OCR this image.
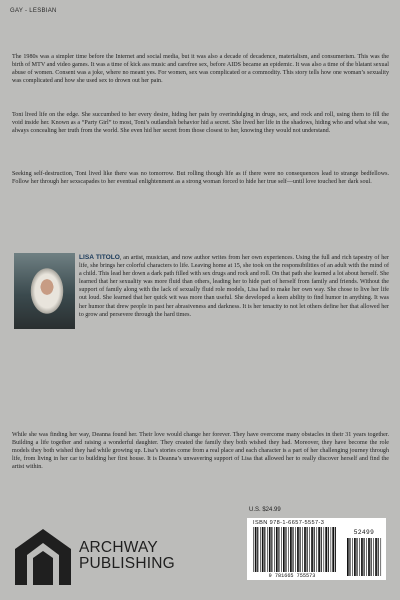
GAY - LESBIAN

The 1980s was a simpler time before the Internet and social media, but it was also a decade of decadence, materialism, and consumerism. This was the birth of MTV and video games. It was a time of kick ass music and carefree sex, before AIDS became an epidemic. It was also a time of the blatant sexual abuse of women. Consent was a joke, where no meant yes. For women, sex was complicated or a commodity. This story tells how one woman’s sexuality was complicated and how she used sex to drown out her pain.

Toni lived life on the edge. She succumbed to her every desire, hiding her pain by overindulging in drugs, sex, and rock and roll, using them to fill the void inside her. Known as a “Party Girl” to most, Toni’s outlandish behavior hid a secret. She lived her life in the shadows, hiding who and what she was, always concealing her truth from the world. She even hid her secret from those closest to her, knowing they would not understand.

Seeking self-destruction, Toni lived like there was no tomorrow. But rolling though life as if there were no consequences lead to strange bedfellows. Follow her through her sexscapades to her eventual enlightenment as a strong woman forced to hide her true self—until love touched her dark soul.

LISA TITOLO, an artist, musician, and now author writes from her own experiences. Using the full and rich tapestry of her life, she brings her colorful characters to life. Leaving home at 15, she took on the responsibilities of an adult with the mind of a child. This lead her down a dark path filled with sex drugs and rock and roll. On that path she learned a lot about herself. She learned that her sexuality was more fluid than others, leading her to hide part of herself from family and friends. Without the support of family along with the lack of sexually fluid role models, Lisa had to make her own way. She chose to live her life out loud. She learned that her quick wit was more than useful. She developed a keen ability to find humor in anything. It was her humor that drew people in past her abrasiveness and darkness. It is her tenacity to not let others define her that allowed her to grow and persevere through the hard times.

While she was finding her way, Deanna found her. Their love would change her forever. They have overcome many obstacles in their 31 years together. Building a life together and raising a wonderful daughter. They created the family they both wished they had. Moreover, they have become the role models they both wished they had while growing up. Lisa’s stories come from a real place and each character is a part of her challenging journey through life, from living in her car to building her first house. It is Deanna’s unwavering support of Lisa that allowed her to really discover herself and find the artist within.

ARCHWAY
PUBLISHING
U.S. $24.99
ISBN 978-1-6657-5557-3
52499
9 781665 755573
